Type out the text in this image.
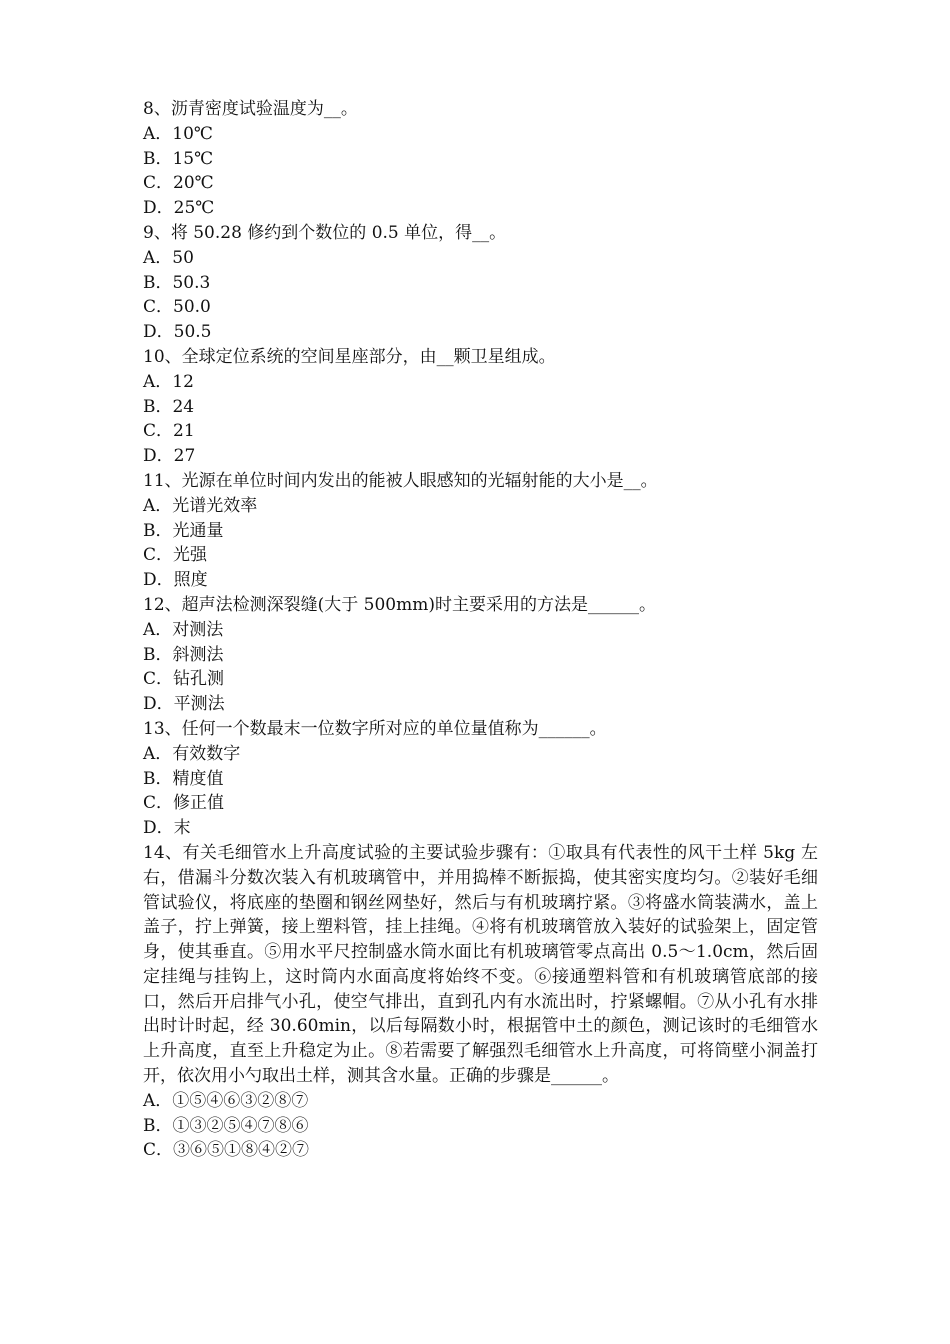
8、沥青密度试验温度为__。
A．10℃
B．15℃
C．20℃
D．25℃
9、将 50.28 修约到个数位的 0.5 单位，得__。
A．50
B．50.3
C．50.0
D．50.5
10、全球定位系统的空间星座部分，由__颗卫星组成。
A．12
B．24
C．21
D．27
11、光源在单位时间内发出的能被人眼感知的光辐射能的大小是__。
A．光谱光效率
B．光通量
C．光强
D．照度
12、超声法检测深裂缝(大于 500mm)时主要采用的方法是______。
A．对测法
B．斜测法
C．钻孔测
D．平测法
13、任何一个数最末一位数字所对应的单位量值称为______。
A．有效数字
B．精度值
C．修正值
D．末
14、有关毛细管水上升高度试验的主要试验步骤有：①取具有代表性的风干土样 5kg 左右，借漏斗分数次装入有机玻璃管中，并用捣棒不断振捣，使其密实度均匀。②装好毛细管试验仪，将底座的垫圈和钢丝网垫好，然后与有机玻璃拧紧。③将盛水筒装满水，盖上盖子，拧上弹簧，接上塑料管，挂上挂绳。④将有机玻璃管放入装好的试验架上，固定管身，使其垂直。⑤用水平尺控制盛水筒水面比有机玻璃管零点高出 0.5～1.0cm，然后固定挂绳与挂钩上，这时筒内水面高度将始终不变。⑥接通塑料管和有机玻璃管底部的接口，然后开启排气小孔，使空气排出，直到孔内有水流出时，拧紧螺帽。⑦从小孔有水排出时计时起，经 30.60min，以后每隔数小时，根据管中土的颜色，测记该时的毛细管水上升高度，直至上升稳定为止。⑧若需要了解强烈毛细管水上升高度，可将筒壁小洞盖打开，依次用小勺取出土样，测其含水量。正确的步骤是______。
A．①⑤④⑥③②⑧⑦
B．①③②⑤④⑦⑧⑥
C．③⑥⑤①⑧④②⑦
